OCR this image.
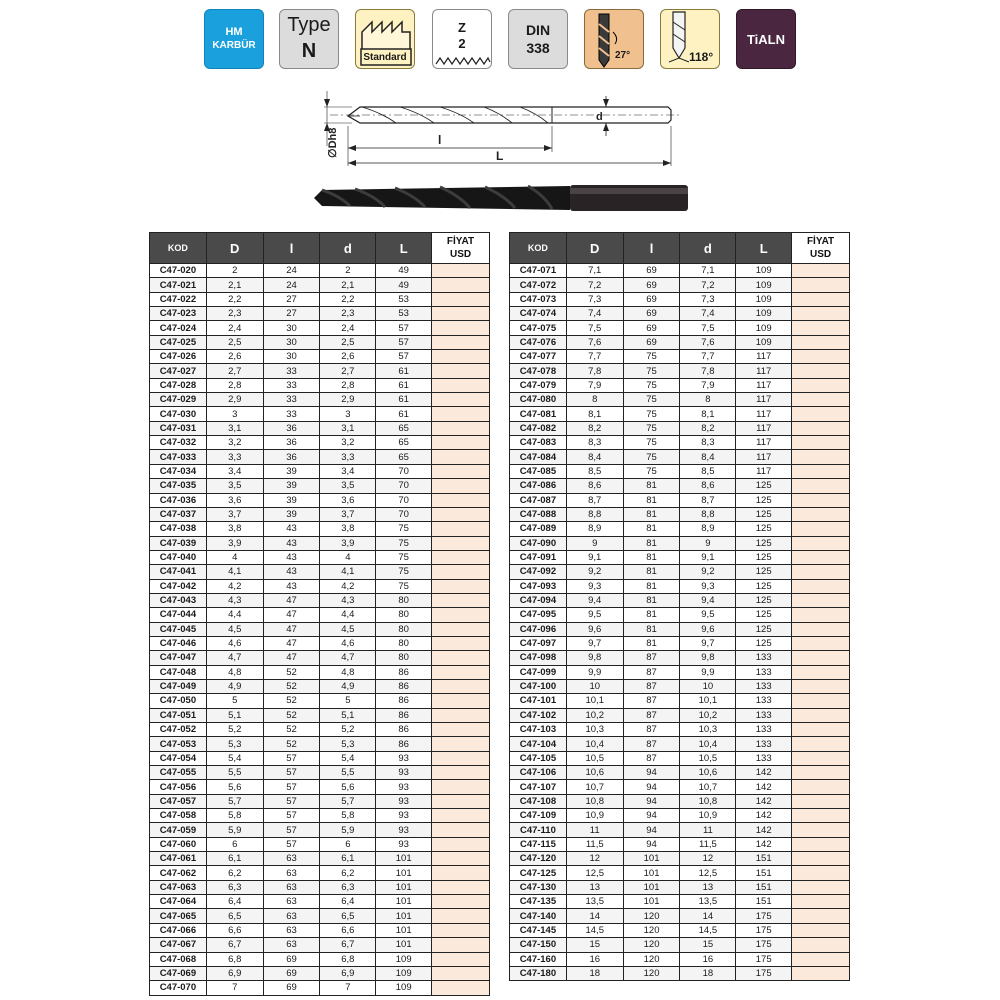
HM
KARBÜR
Type
N	Standard
Z
2
DIN
338	27°	118°
TiALN
∅Dh8	l
L
d
KOD	D	l	d	L	FİYAT
USD
C47-020	2	24	2	49	
C47-021	2,1	24	2,1	49	
C47-022	2,2	27	2,2	53	
C47-023	2,3	27	2,3	53	
C47-024	2,4	30	2,4	57	
C47-025	2,5	30	2,5	57	
C47-026	2,6	30	2,6	57	
C47-027	2,7	33	2,7	61	
C47-028	2,8	33	2,8	61	
C47-029	2,9	33	2,9	61	
C47-030	3	33	3	61	
C47-031	3,1	36	3,1	65	
C47-032	3,2	36	3,2	65	
C47-033	3,3	36	3,3	65	
C47-034	3,4	39	3,4	70	
C47-035	3,5	39	3,5	70	
C47-036	3,6	39	3,6	70	
C47-037	3,7	39	3,7	70	
C47-038	3,8	43	3,8	75	
C47-039	3,9	43	3,9	75	
C47-040	4	43	4	75	
C47-041	4,1	43	4,1	75	
C47-042	4,2	43	4,2	75	
C47-043	4,3	47	4,3	80	
C47-044	4,4	47	4,4	80	
C47-045	4,5	47	4,5	80	
C47-046	4,6	47	4,6	80	
C47-047	4,7	47	4,7	80	
C47-048	4,8	52	4,8	86	
C47-049	4,9	52	4,9	86	
C47-050	5	52	5	86	
C47-051	5,1	52	5,1	86	
C47-052	5,2	52	5,2	86	
C47-053	5,3	52	5,3	86	
C47-054	5,4	57	5,4	93	
C47-055	5,5	57	5,5	93	
C47-056	5,6	57	5,6	93	
C47-057	5,7	57	5,7	93	
C47-058	5,8	57	5,8	93	
C47-059	5,9	57	5,9	93	
C47-060	6	57	6	93	
C47-061	6,1	63	6,1	101	
C47-062	6,2	63	6,2	101	
C47-063	6,3	63	6,3	101	
C47-064	6,4	63	6,4	101	
C47-065	6,5	63	6,5	101	
C47-066	6,6	63	6,6	101	
C47-067	6,7	63	6,7	101	
C47-068	6,8	69	6,8	109	
C47-069	6,9	69	6,9	109	
C47-070	7	69	7	109	
KOD	D	l	d	L	FİYAT
USD
C47-071	7,1	69	7,1	109	
C47-072	7,2	69	7,2	109	
C47-073	7,3	69	7,3	109	
C47-074	7,4	69	7,4	109	
C47-075	7,5	69	7,5	109	
C47-076	7,6	69	7,6	109	
C47-077	7,7	75	7,7	117	
C47-078	7,8	75	7,8	117	
C47-079	7,9	75	7,9	117	
C47-080	8	75	8	117	
C47-081	8,1	75	8,1	117	
C47-082	8,2	75	8,2	117	
C47-083	8,3	75	8,3	117	
C47-084	8,4	75	8,4	117	
C47-085	8,5	75	8,5	117	
C47-086	8,6	81	8,6	125	
C47-087	8,7	81	8,7	125	
C47-088	8,8	81	8,8	125	
C47-089	8,9	81	8,9	125	
C47-090	9	81	9	125	
C47-091	9,1	81	9,1	125	
C47-092	9,2	81	9,2	125	
C47-093	9,3	81	9,3	125	
C47-094	9,4	81	9,4	125	
C47-095	9,5	81	9,5	125	
C47-096	9,6	81	9,6	125	
C47-097	9,7	81	9,7	125	
C47-098	9,8	87	9,8	133	
C47-099	9,9	87	9,9	133	
C47-100	10	87	10	133	
C47-101	10,1	87	10,1	133	
C47-102	10,2	87	10,2	133	
C47-103	10,3	87	10,3	133	
C47-104	10,4	87	10,4	133	
C47-105	10,5	87	10,5	133	
C47-106	10,6	94	10,6	142	
C47-107	10,7	94	10,7	142	
C47-108	10,8	94	10,8	142	
C47-109	10,9	94	10,9	142	
C47-110	11	94	11	142	
C47-115	11,5	94	11,5	142	
C47-120	12	101	12	151	
C47-125	12,5	101	12,5	151	
C47-130	13	101	13	151	
C47-135	13,5	101	13,5	151	
C47-140	14	120	14	175	
C47-145	14,5	120	14,5	175	
C47-150	15	120	15	175	
C47-160	16	120	16	175	
C47-180	18	120	18	175	
